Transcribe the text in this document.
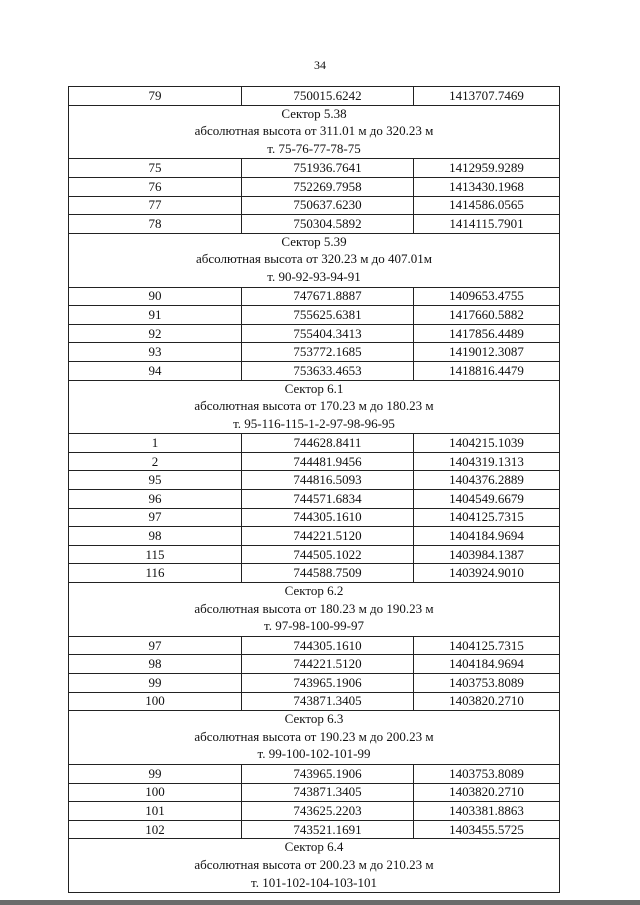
34
79	750015.6242	1413707.7469

Сектор 5.38
абсолютная высота от 311.01 м до 320.23 м
т. 75-76-77-78-75		

75	751936.7641	1412959.9289
76	752269.7958	1413430.1968
77	750637.6230	1414586.0565
78	750304.5892	1414115.7901

Сектор 5.39
абсолютная высота от 320.23 м до 407.01м
т. 90-92-93-94-91		

90	747671.8887	1409653.4755
91	755625.6381	1417660.5882
92	755404.3413	1417856.4489
93	753772.1685	1419012.3087
94	753633.4653	1418816.4479

Сектор 6.1
абсолютная высота от 170.23 м до 180.23 м
т. 95-116-115-1-2-97-98-96-95		

1	744628.8411	1404215.1039
2	744481.9456	1404319.1313
95	744816.5093	1404376.2889
96	744571.6834	1404549.6679
97	744305.1610	1404125.7315
98	744221.5120	1404184.9694
115	744505.1022	1403984.1387
116	744588.7509	1403924.9010

Сектор 6.2
абсолютная высота от 180.23 м до 190.23 м
т. 97-98-100-99-97		

97	744305.1610	1404125.7315
98	744221.5120	1404184.9694
99	743965.1906	1403753.8089
100	743871.3405	1403820.2710

Сектор 6.3
абсолютная высота от 190.23 м до 200.23 м
т. 99-100-102-101-99		

99	743965.1906	1403753.8089
100	743871.3405	1403820.2710
101	743625.2203	1403381.8863
102	743521.1691	1403455.5725

Сектор 6.4
абсолютная высота от 200.23 м до 210.23 м
т. 101-102-104-103-101		
